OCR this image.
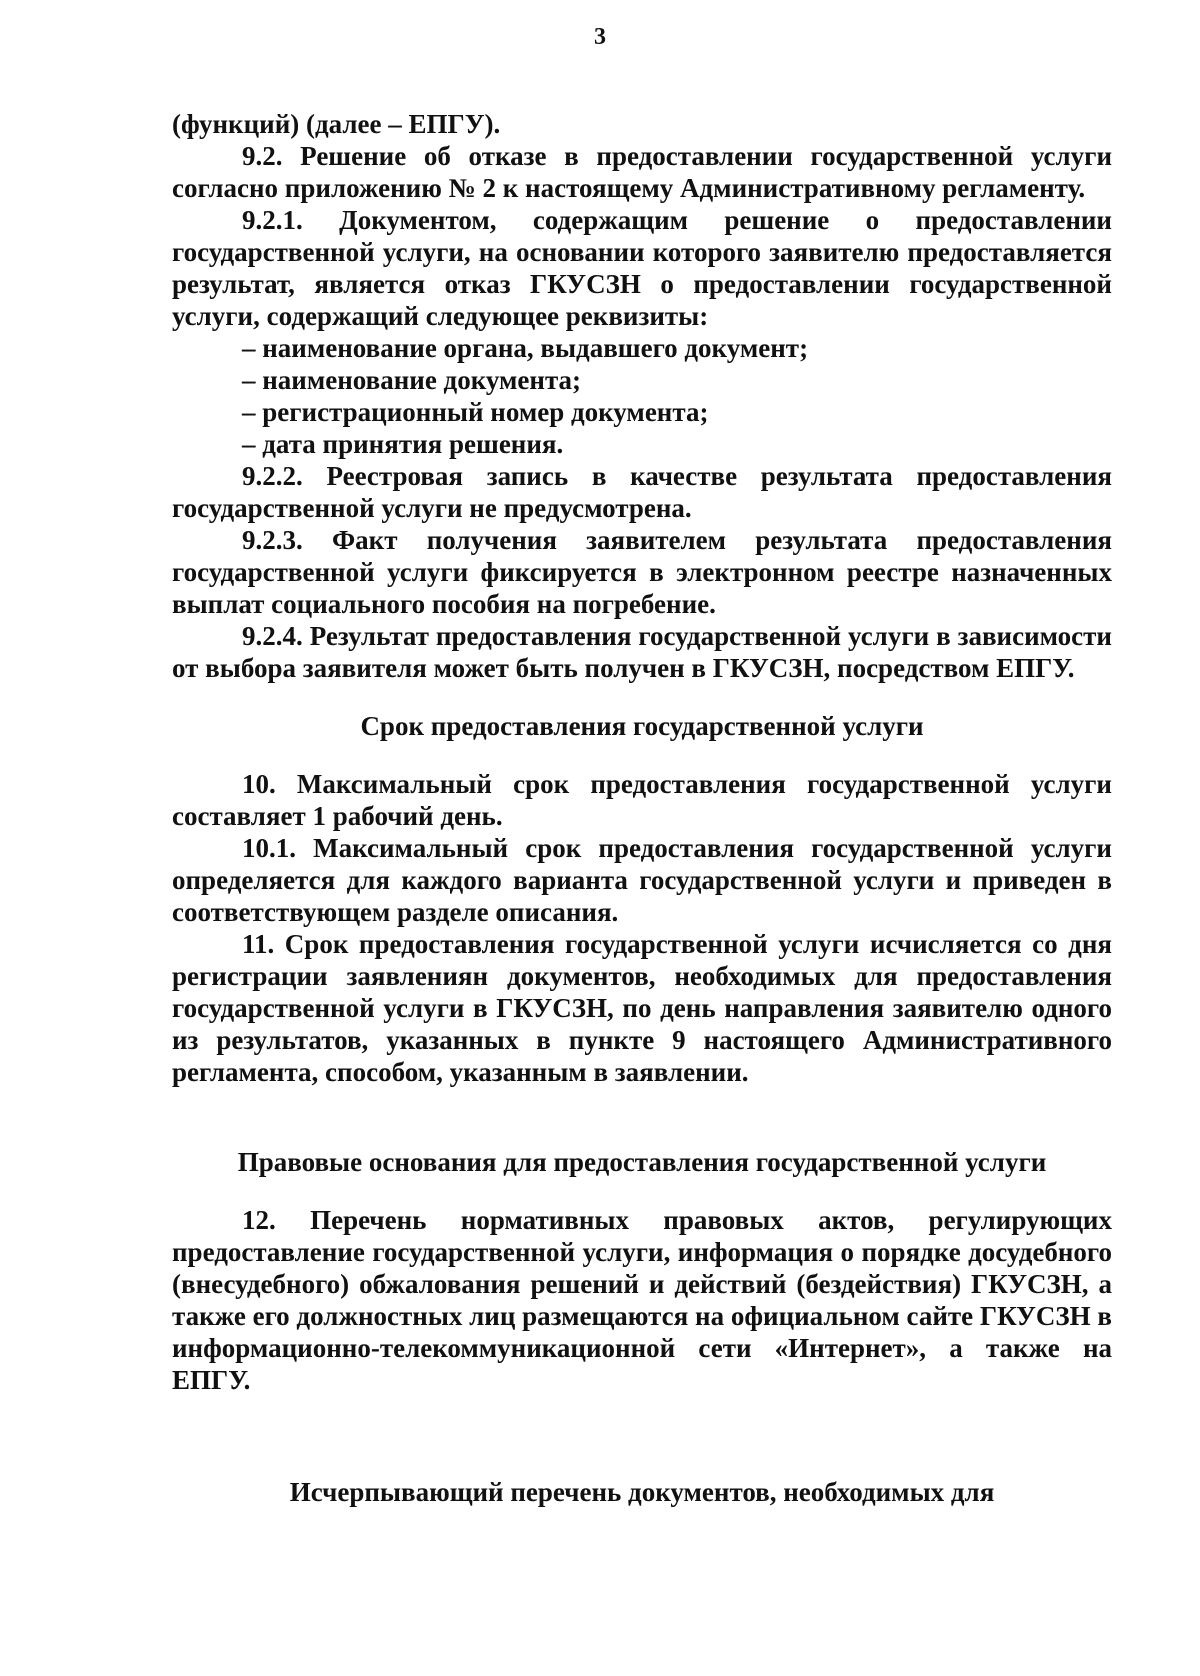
3

(функций) (далее – ЕПГУ).

9.2. Решение об отказе в предоставлении государственной услуги согласно приложению № 2 к настоящему Административному регламенту.

9.2.1. Документом, содержащим решение о предоставлении государственной услуги, на основании которого заявителю предоставляется результат, является отказ ГКУСЗН о предоставлении государственной услуги, содержащий следующее реквизиты:

– наименование органа, выдавшего документ;

– наименование документа;

– регистрационный номер документа;

– дата принятия решения.

9.2.2. Реестровая запись в качестве результата предоставления государственной услуги не предусмотрена.

9.2.3. Факт получения заявителем результата предоставления государственной услуги фиксируется в электронном реестре назначенных выплат социального пособия на погребение.

9.2.4. Результат предоставления государственной услуги в зависимости от выбора заявителя может быть получен в ГКУСЗН, посредством ЕПГУ.

Срок предоставления государственной услуги

10. Максимальный срок предоставления государственной услуги составляет 1 рабочий день.

10.1. Максимальный срок предоставления государственной услуги определяется для каждого варианта государственной услуги и приведен в соответствующем разделе описания.

11. Срок предоставления государственной услуги исчисляется со дня регистрации заявлениян документов, необходимых для предоставления государственной услуги в ГКУСЗН, по день направления заявителю одного из результатов, указанных в пункте 9 настоящего Административного регламента, способом, указанным в заявлении.

Правовые основания для предоставления государственной услуги

12. Перечень нормативных правовых актов, регулирующих предоставление государственной услуги, информация о порядке досудебного (внесудебного) обжалования решений и действий (бездействия) ГКУСЗН, а также его должностных лиц размещаются на официальном сайте ГКУСЗН в информационно-телекоммуникационной сети «Интернет», а также на ЕПГУ.

Исчерпывающий перечень документов, необходимых для
